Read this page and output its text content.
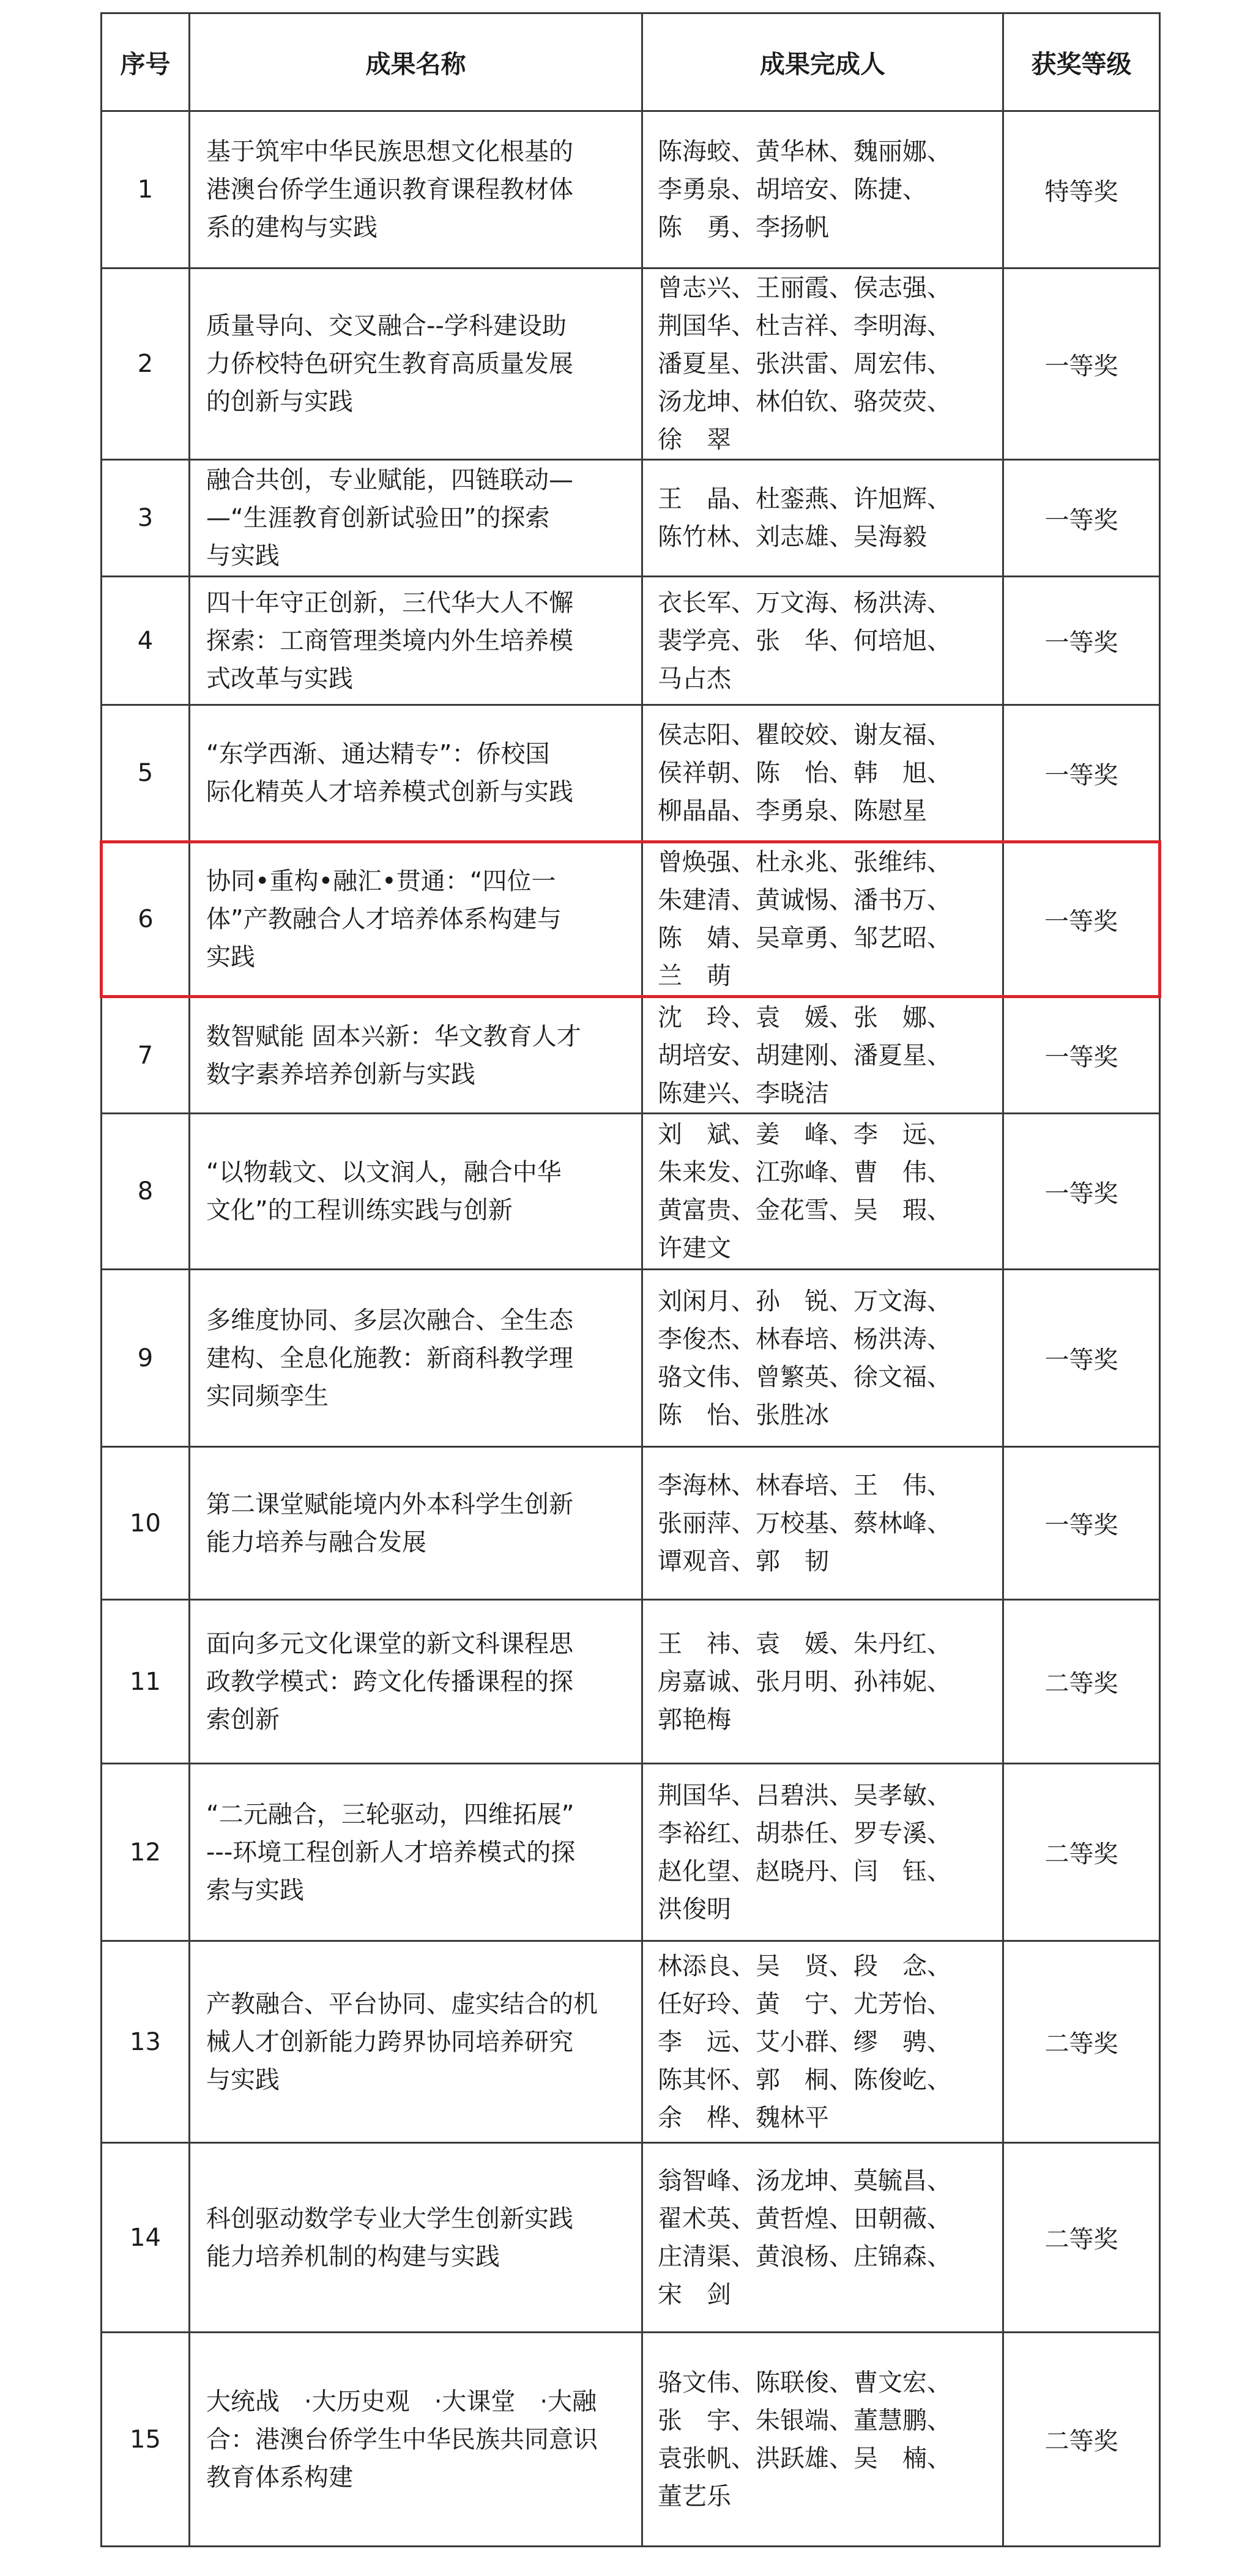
序号	成果名称	成果完成人	获奖等级
1	基于筑牢中华民族思想文化根基的
港澳台侨学生通识教育课程教材体
系的建构与实践	陈海蛟、黄华林、魏丽娜、
李勇泉、胡培安、陈捷、
陈　勇、李扬帆	特等奖
2	质量导向、交叉融合--学科建设助
力侨校特色研究生教育高质量发展
的创新与实践	曾志兴、王丽霞、侯志强、
荆国华、杜吉祥、李明海、
潘夏星、张洪雷、周宏伟、
汤龙坤、林伯钦、骆荧荧、
徐　翠	一等奖
3	融合共创，专业赋能，四链联动—
—“生涯教育创新试验田”的探索
与实践	王　晶、杜銮燕、许旭辉、
陈竹林、刘志雄、吴海毅	一等奖
4	四十年守正创新，三代华大人不懈
探索：工商管理类境内外生培养模
式改革与实践	衣长军、万文海、杨洪涛、
裴学亮、张　华、何培旭、
马占杰	一等奖
5	“东学西渐、通达精专”：侨校国
际化精英人才培养模式创新与实践	侯志阳、瞿皎姣、谢友福、
侯祥朝、陈　怡、韩　旭、
柳晶晶、李勇泉、陈慰星	一等奖
6	协同•重构•融汇•贯通：“四位一
体”产教融合人才培养体系构建与
实践	曾焕强、杜永兆、张维纬、
朱建清、黄诚惕、潘书万、
陈　婧、吴章勇、邹艺昭、
兰　萌	一等奖
7	数智赋能 固本兴新：华文教育人才
数字素养培养创新与实践	沈　玲、袁　媛、张　娜、
胡培安、胡建刚、潘夏星、
陈建兴、李晓洁	一等奖
8	“以物载文、以文润人，融合中华
文化”的工程训练实践与创新	刘　斌、姜　峰、李　远、
朱来发、江弥峰、曹　伟、
黄富贵、金花雪、吴　瑕、
许建文	一等奖
9	多维度协同、多层次融合、全生态
建构、全息化施教：新商科教学理
实同频孪生	刘闲月、孙　锐、万文海、
李俊杰、林春培、杨洪涛、
骆文伟、曾繁英、徐文福、
陈　怡、张胜冰	一等奖
10	第二课堂赋能境内外本科学生创新
能力培养与融合发展	李海林、林春培、王　伟、
张丽萍、万校基、蔡林峰、
谭观音、郭　韧	一等奖
11	面向多元文化课堂的新文科课程思
政教学模式：跨文化传播课程的探
索创新	王　祎、袁　媛、朱丹红、
房嘉诚、张月明、孙祎妮、
郭艳梅	二等奖
12	“二元融合，三轮驱动，四维拓展”
---环境工程创新人才培养模式的探
索与实践	荆国华、吕碧洪、吴孝敏、
李裕红、胡恭任、罗专溪、
赵化望、赵晓丹、闫　钰、
洪俊明	二等奖
13	产教融合、平台协同、虚实结合的机
械人才创新能力跨界协同培养研究
与实践	林添良、吴　贤、段　念、
任好玲、黄　宁、尤芳怡、
李　远、艾小群、缪　骋、
陈其怀、郭　桐、陈俊屹、
余　桦、魏林平	二等奖
14	科创驱动数学专业大学生创新实践
能力培养机制的构建与实践	翁智峰、汤龙坤、莫毓昌、
翟术英、黄哲煌、田朝薇、
庄清渠、黄浪杨、庄锦森、
宋　剑	二等奖
15	大统战　·大历史观　·大课堂　·大融
合：港澳台侨学生中华民族共同意识
教育体系构建	骆文伟、陈联俊、曹文宏、
张　宇、朱银端、董慧鹏、
袁张帆、洪跃雄、吴　楠、
董艺乐	二等奖
